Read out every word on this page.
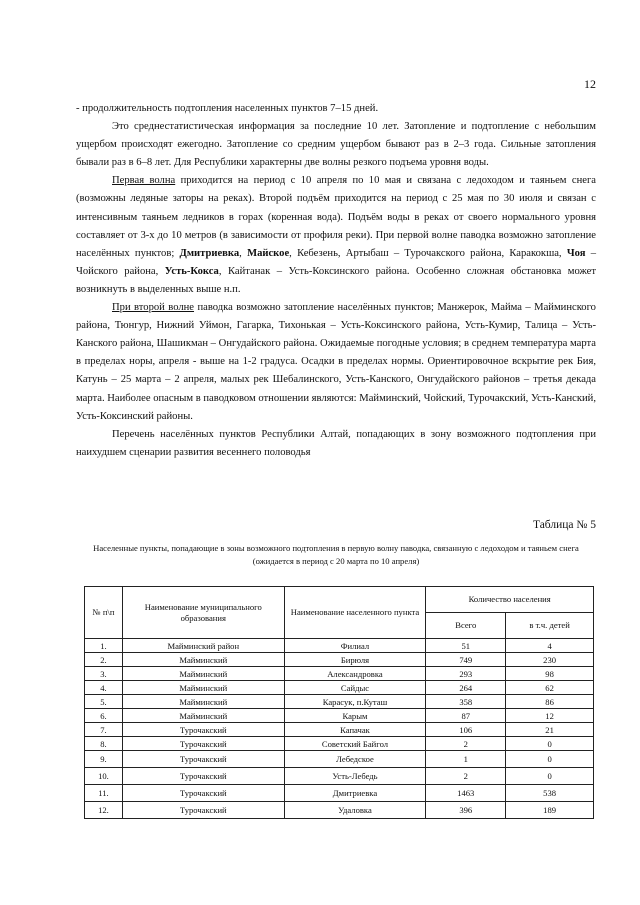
12

- продолжительность подтопления населенных пунктов 7–15 дней.

Это среднестатистическая информация за последние 10 лет. Затопление и подтопление с небольшим ущербом происходят ежегодно. Затопление со средним ущербом бывают раз в 2–3 года. Сильные затопления бывали раз в 6–8 лет. Для Республики характерны две волны резкого подъема уровня воды.

Первая волна приходится на период с 10 апреля по 10 мая и связана с ледоходом и таяньем снега (возможны ледяные заторы на реках). Второй подъём приходится на период с 25 мая по 30 июля и связан с интенсивным таяньем ледников в горах (коренная вода). Подъём воды в реках от своего нормального уровня составляет от 3-х до 10 метров (в зависимости от профиля реки). При первой волне паводка возможно затопление населённых пунктов; Дмитриевка, Майское, Кебезень, Артыбаш – Турочакского района, Каракокша, Чоя – Чойского района, Усть-Кокса, Кайтанак – Усть-Коксинского района. Особенно сложная обстановка может возникнуть в выделенных выше н.п.

При второй волне паводка возможно затопление населённых пунктов; Манжерок, Майма – Майминского района, Тюнгур, Нижний Уймон, Гагарка, Тихонькая – Усть-Коксинского района, Усть-Кумир, Талица – Усть-Канского района, Шашикман – Онгудайского района. Ожидаемые погодные условия; в среднем температура марта в пределах норы, апреля - выше на 1-2 градуса. Осадки в пределах нормы. Ориентировочное вскрытие рек Бия, Катунь – 25 марта – 2 апреля, малых рек Шебалинского, Усть-Канского, Онгудайского районов – третья декада марта. Наиболее опасным в паводковом отношении являются: Майминский, Чойский, Турочакский, Усть-Канский, Усть-Коксинский районы.

Перечень населённых пунктов Республики Алтай, попадающих в зону возможного подтопления при наихудшем сценарии развития весеннего половодья

Таблица № 5
Населенные пункты, попадающие в зоны возможного подтопления в первую волну паводка, связанную с ледоходом и таяньем снега (ожидается в период с 20 марта по 10 апреля)
№ п\п	Наименование муниципального образования	Наименование населенного пункта	Количество населения	
			Всего	в т.ч. детей
1.	Майминский район	Филиал	51	4
2.	Майминский	Бирюля	749	230
3.	Майминский	Александровка	293	98
4.	Майминский	Сайдыс	264	62
5.	Майминский	Карасук, п.Куташ	358	86
6.	Майминский	Карым	87	12
7.	Турочакский	Капачак	106	21
8.	Турочакский	Советский Байгол	2	0
9.	Турочакский	Лебедское	1	0
10.	Турочакский	Усть-Лебедь	2	0
11.	Турочакский	Дмитриевка	1463	538
12.	Турочакский	Удаловка	396	189
